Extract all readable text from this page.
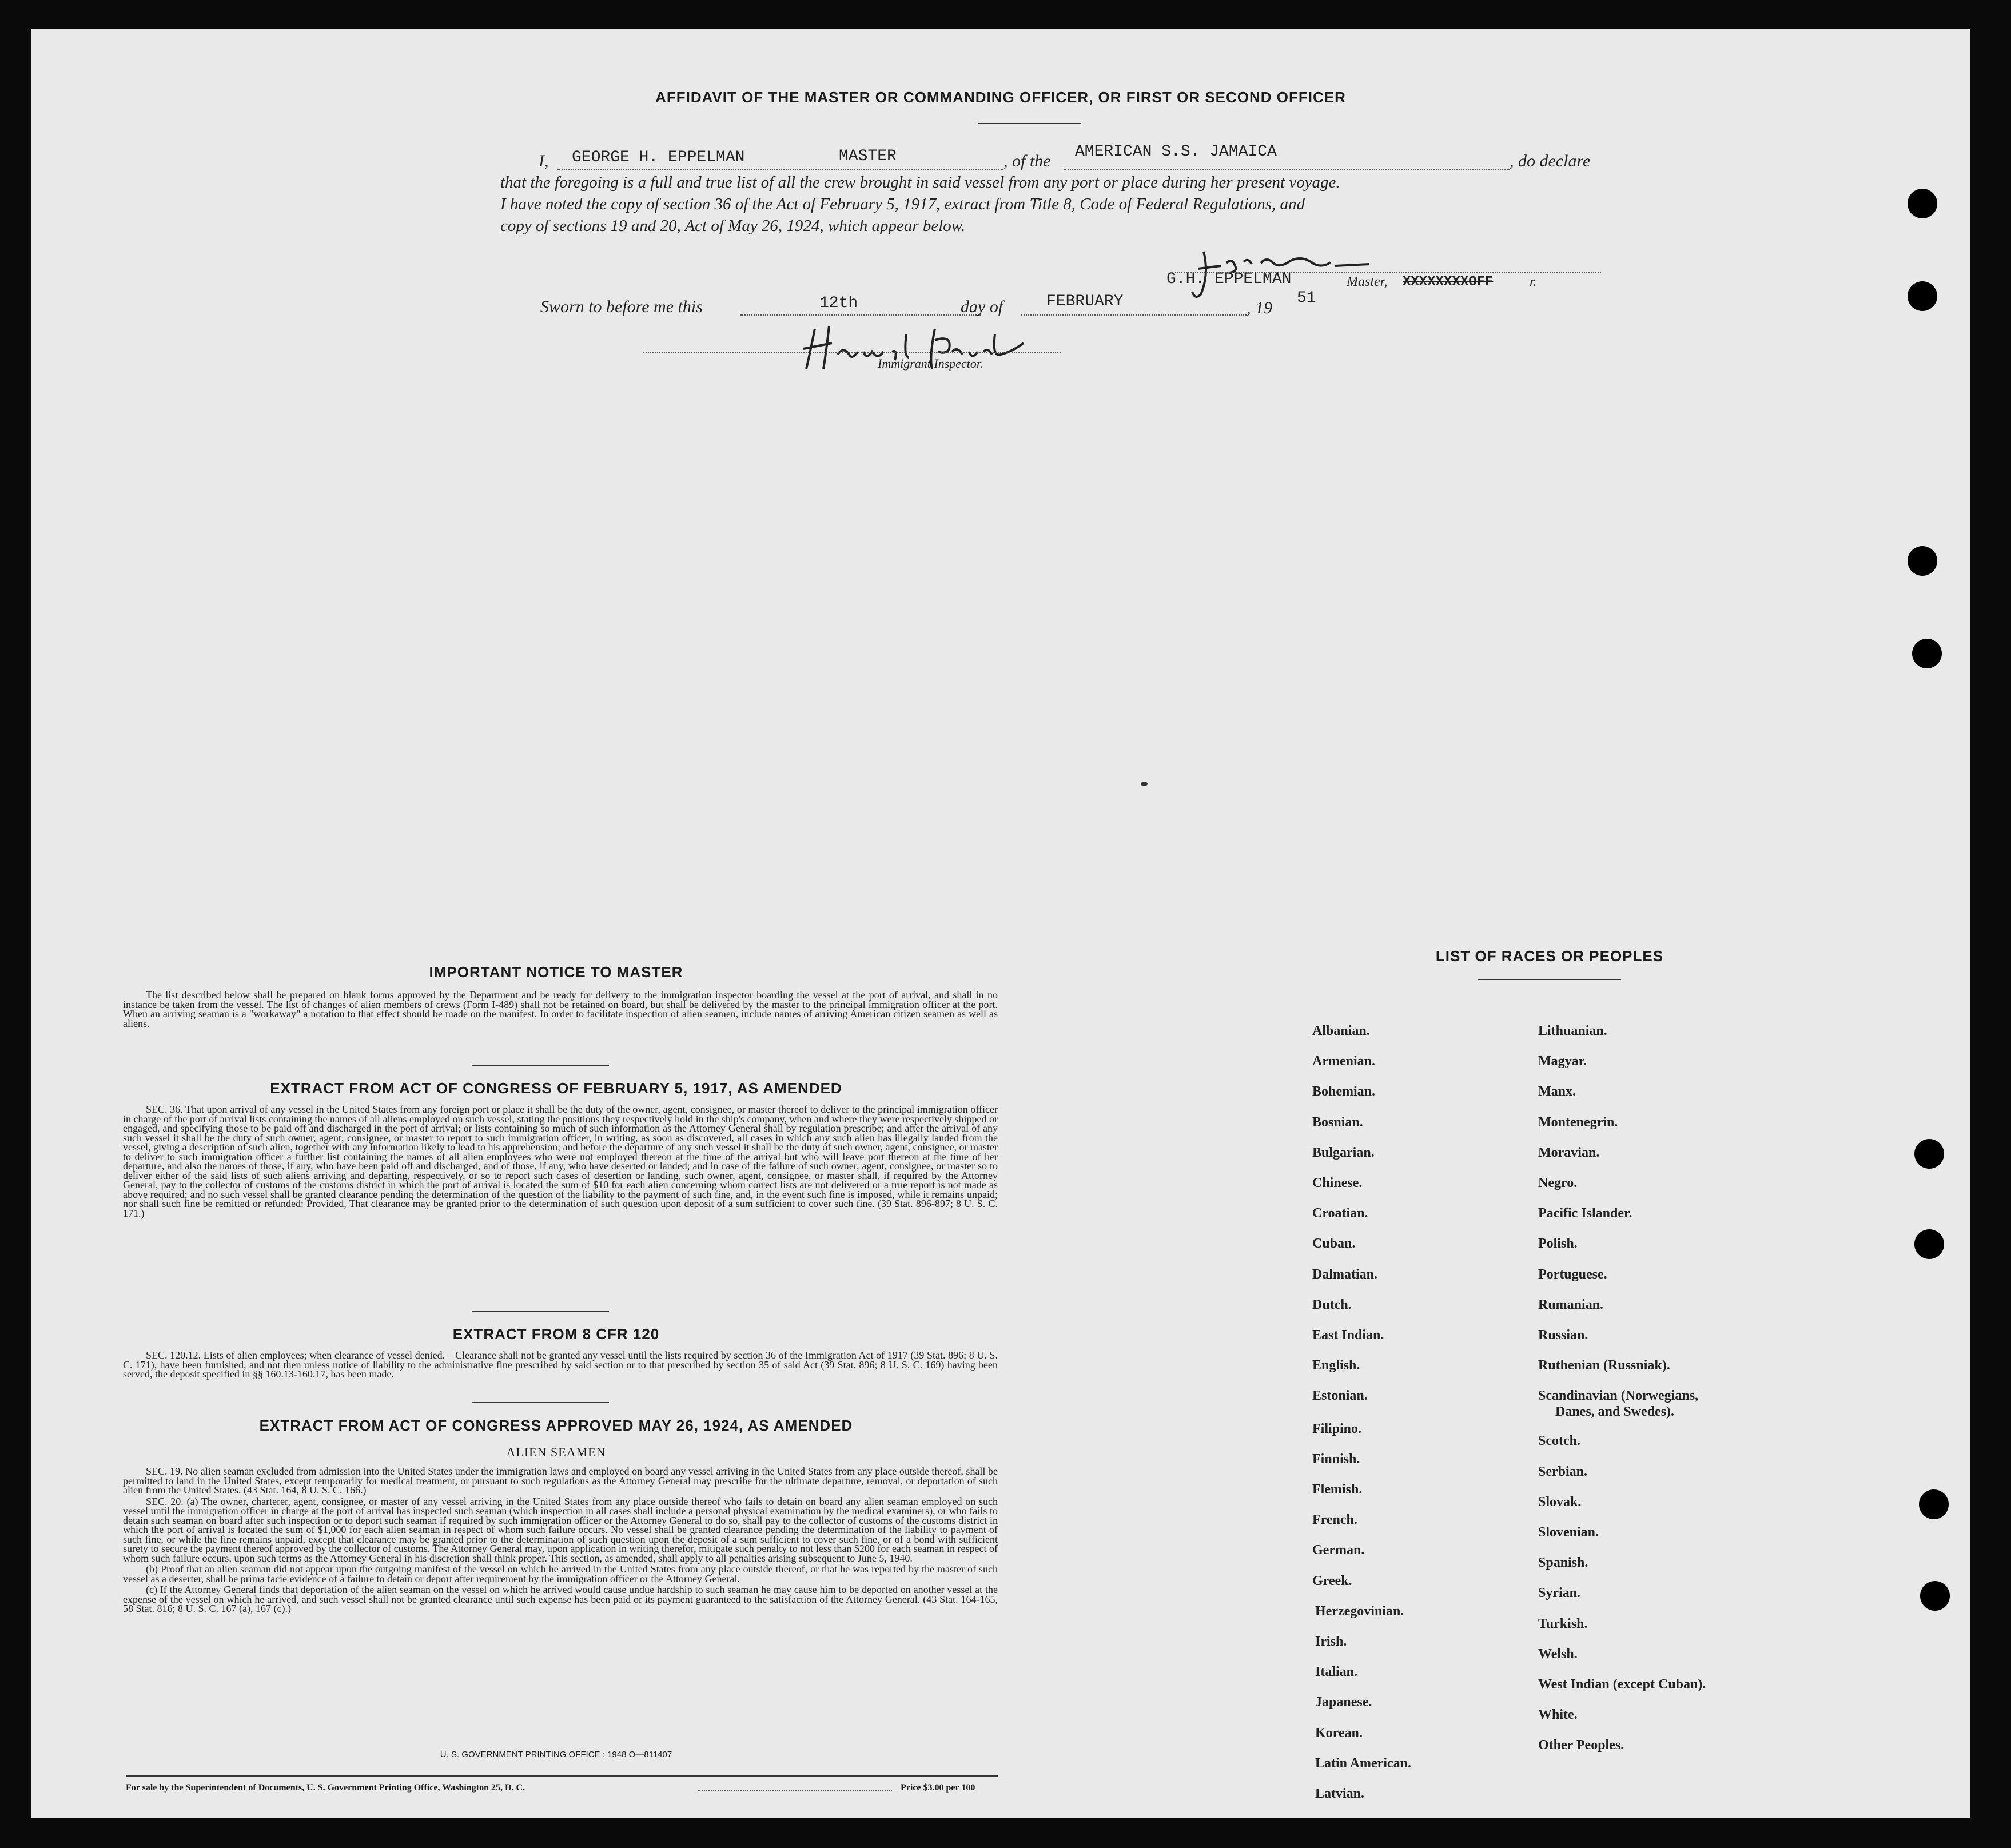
AFFIDAVIT OF THE MASTER OR COMMANDING OFFICER, OR FIRST OR SECOND OFFICER
I, GEORGE H. EPPELMAN	MASTER	, of the AMERICAN S.S. JAMAICA	, do declare
that the foregoing is a full and true list of all the crew brought in said vessel from any port or place during her present voyage.
I have noted the copy of section 36 of the Act of February 5, 1917, extract from Title 8, Code of Federal Regulations, and
copy of sections 19 and 20, Act of May 26, 1924, which appear below.
G.H. EPPELMAN	Master, XXXXXXXXOFF	r.
Sworn to before me this	12th	day of	FEBRUARY	, 19
51
Immigrant Inspector.
IMPORTANT NOTICE TO MASTER

The list described below shall be prepared on blank forms approved by the Department and be ready for delivery to the immigration inspector boarding the vessel at the port of arrival, and shall in no instance be taken from the vessel. The list of changes of alien members of crews (Form I-489) shall not be retained on board, but shall be delivered by the master to the principal immigration officer at the port. When an arriving seaman is a "workaway" a notation to that effect should be made on the manifest. In order to facilitate inspection of alien seamen, include names of arriving American citizen seamen as well as aliens.

EXTRACT FROM ACT OF CONGRESS OF FEBRUARY 5, 1917, AS AMENDED

SEC. 36. That upon arrival of any vessel in the United States from any foreign port or place it shall be the duty of the owner, agent, consignee, or master thereof to deliver to the principal immigration officer in charge of the port of arrival lists containing the names of all aliens employed on such vessel, stating the positions they respectively hold in the ship's company, when and where they were respectively shipped or engaged, and specifying those to be paid off and discharged in the port of arrival; or lists containing so much of such information as the Attorney General shall by regulation prescribe; and after the arrival of any such vessel it shall be the duty of such owner, agent, consignee, or master to report to such immigration officer, in writing, as soon as discovered, all cases in which any such alien has illegally landed from the vessel, giving a description of such alien, together with any information likely to lead to his apprehension; and before the departure of any such vessel it shall be the duty of such owner, agent, consignee, or master to deliver to such immigration officer a further list containing the names of all alien employees who were not employed thereon at the time of the arrival but who will leave port thereon at the time of her departure, and also the names of those, if any, who have been paid off and discharged, and of those, if any, who have deserted or landed; and in case of the failure of such owner, agent, consignee, or master so to deliver either of the said lists of such aliens arriving and departing, respectively, or so to report such cases of desertion or landing, such owner, agent, consignee, or master shall, if required by the Attorney General, pay to the collector of customs of the customs district in which the port of arrival is located the sum of $10 for each alien concerning whom correct lists are not delivered or a true report is not made as above required; and no such vessel shall be granted clearance pending the determination of the question of the liability to the payment of such fine, and, in the event such fine is imposed, while it remains unpaid; nor shall such fine be remitted or refunded: Provided, That clearance may be granted prior to the determination of such question upon deposit of a sum sufficient to cover such fine. (39 Stat. 896-897; 8 U. S. C. 171.)

EXTRACT FROM 8 CFR 120

SEC. 120.12. Lists of alien employees; when clearance of vessel denied.—Clearance shall not be granted any vessel until the lists required by section 36 of the Immigration Act of 1917 (39 Stat. 896; 8 U. S. C. 171), have been furnished, and not then unless notice of liability to the administrative fine prescribed by said section or to that prescribed by section 35 of said Act (39 Stat. 896; 8 U. S. C. 169) having been served, the deposit specified in §§ 160.13-160.17, has been made.

EXTRACT FROM ACT OF CONGRESS APPROVED MAY 26, 1924, AS AMENDED
ALIEN SEAMEN

SEC. 19. No alien seaman excluded from admission into the United States under the immigration laws and employed on board any vessel arriving in the United States from any place outside thereof, shall be permitted to land in the United States, except temporarily for medical treatment, or pursuant to such regulations as the Attorney General may prescribe for the ultimate departure, removal, or deportation of such alien from the United States. (43 Stat. 164, 8 U. S. C. 166.)

SEC. 20. (a) The owner, charterer, agent, consignee, or master of any vessel arriving in the United States from any place outside thereof who fails to detain on board any alien seaman employed on such vessel until the immigration officer in charge at the port of arrival has inspected such seaman (which inspection in all cases shall include a personal physical examination by the medical examiners), or who fails to detain such seaman on board after such inspection or to deport such seaman if required by such immigration officer or the Attorney General to do so, shall pay to the collector of customs of the customs district in which the port of arrival is located the sum of $1,000 for each alien seaman in respect of whom such failure occurs. No vessel shall be granted clearance pending the determination of the liability to payment of such fine, or while the fine remains unpaid, except that clearance may be granted prior to the determination of such question upon the deposit of a sum sufficient to cover such fine, or of a bond with sufficient surety to secure the payment thereof approved by the collector of customs. The Attorney General may, upon application in writing therefor, mitigate such penalty to not less than $200 for each seaman in respect of whom such failure occurs, upon such terms as the Attorney General in his discretion shall think proper. This section, as amended, shall apply to all penalties arising subsequent to June 5, 1940.

(b) Proof that an alien seaman did not appear upon the outgoing manifest of the vessel on which he arrived in the United States from any place outside thereof, or that he was reported by the master of such vessel as a deserter, shall be prima facie evidence of a failure to detain or deport after requirement by the immigration officer or the Attorney General.

(c) If the Attorney General finds that deportation of the alien seaman on the vessel on which he arrived would cause undue hardship to such seaman he may cause him to be deported on another vessel at the expense of the vessel on which he arrived, and such vessel shall not be granted clearance until such expense has been paid or its payment guaranteed to the satisfaction of the Attorney General. (43 Stat. 164-165, 58 Stat. 816; 8 U. S. C. 167 (a), 167 (c).)

U. S. GOVERNMENT PRINTING OFFICE : 1948 O—811407
For sale by the Superintendent of Documents, U. S. Government Printing Office, Washington 25, D. C.	Price $3.00 per 100
LIST OF RACES OR PEOPLES
Albanian.
Armenian.
Bohemian.
Bosnian.
Bulgarian.
Chinese.
Croatian.
Cuban.
Dalmatian.
Dutch.
East Indian.
English.
Estonian.
Filipino.
Finnish.
Flemish.
French.
German.
Greek.
Herzegovinian.
Irish.
Italian.
Japanese.
Korean.
Latin American.
Latvian.
Lithuanian.
Magyar.
Manx.
Montenegrin.
Moravian.
Negro.
Pacific Islander.
Polish.
Portuguese.
Rumanian.
Russian.
Ruthenian (Russniak).
Scandinavian (Norwegians,
Danes, and Swedes).
Scotch.
Serbian.
Slovak.
Slovenian.
Spanish.
Syrian.
Turkish.
Welsh.
West Indian (except Cuban).
White.
Other Peoples.
